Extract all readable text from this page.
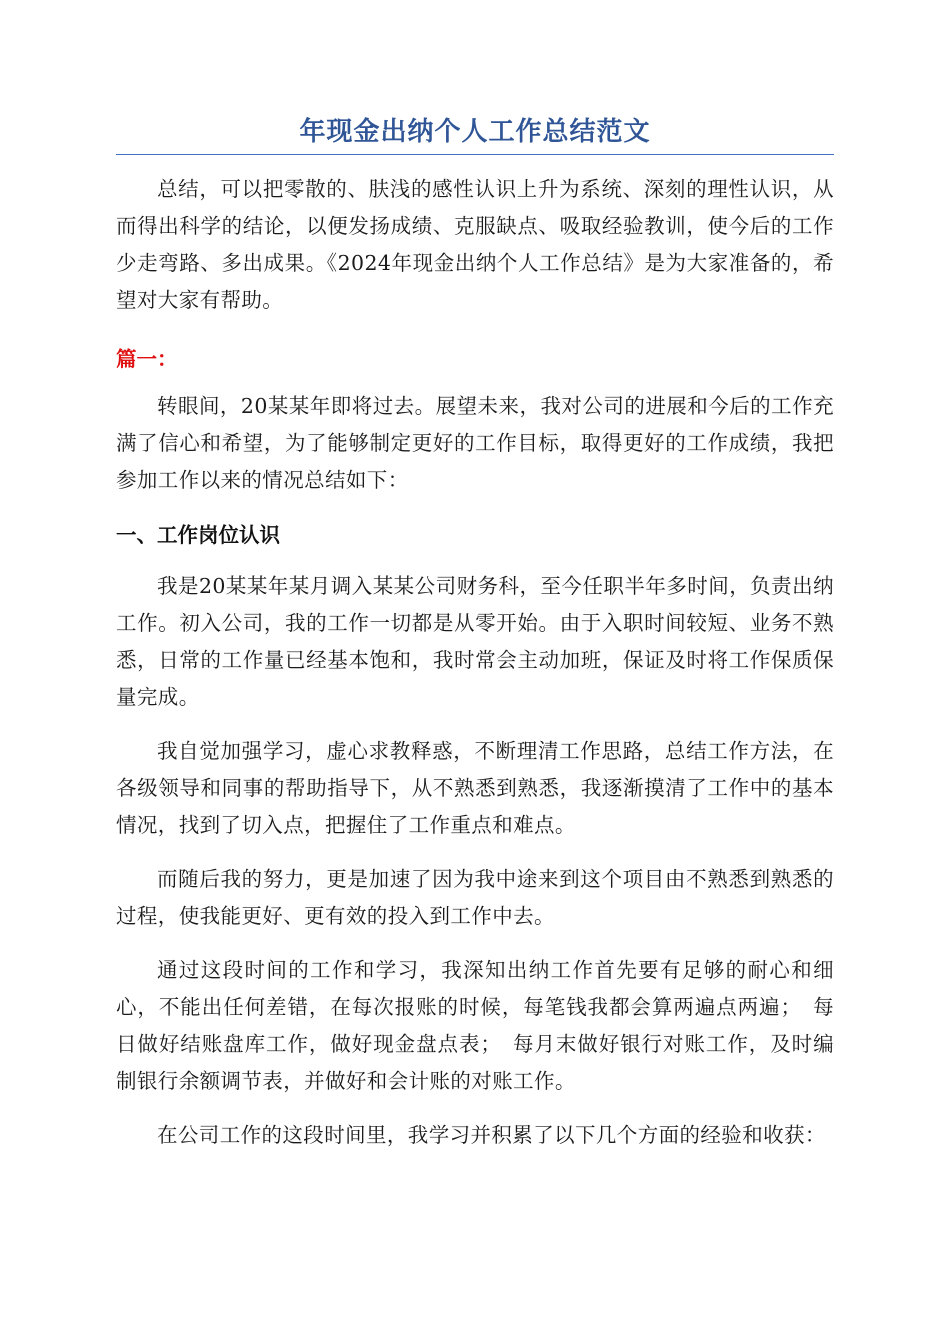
年现金出纳个人工作总结范文

总结，可以把零散的、肤浅的感性认识上升为系统、深刻的理性认识，从而得出科学的结论，以便发扬成绩、克服缺点、吸取经验教训，使今后的工作少走弯路、多出成果。《2024年现金出纳个人工作总结》是为大家准备的，希望对大家有帮助。

篇一：

转眼间，20某某年即将过去。展望未来，我对公司的进展和今后的工作充满了信心和希望，为了能够制定更好的工作目标，取得更好的工作成绩，我把参加工作以来的情况总结如下：

一、工作岗位认识

我是20某某年某月调入某某公司财务科，至今任职半年多时间，负责出纳工作。初入公司，我的工作一切都是从零开始。由于入职时间较短、业务不熟悉，日常的工作量已经基本饱和，我时常会主动加班，保证及时将工作保质保量完成。

我自觉加强学习，虚心求教释惑，不断理清工作思路，总结工作方法，在各级领导和同事的帮助指导下，从不熟悉到熟悉，我逐渐摸清了工作中的基本情况，找到了切入点，把握住了工作重点和难点。

而随后我的努力，更是加速了因为我中途来到这个项目由不熟悉到熟悉的过程，使我能更好、更有效的投入到工作中去。

通过这段时间的工作和学习，我深知出纳工作首先要有足够的耐心和细心，不能出任何差错，在每次报账的时候，每笔钱我都会算两遍点两遍；　每日做好结账盘库工作，做好现金盘点表；　每月末做好银行对账工作，及时编制银行余额调节表，并做好和会计账的对账工作。

在公司工作的这段时间里，我学习并积累了以下几个方面的经验和收获：
